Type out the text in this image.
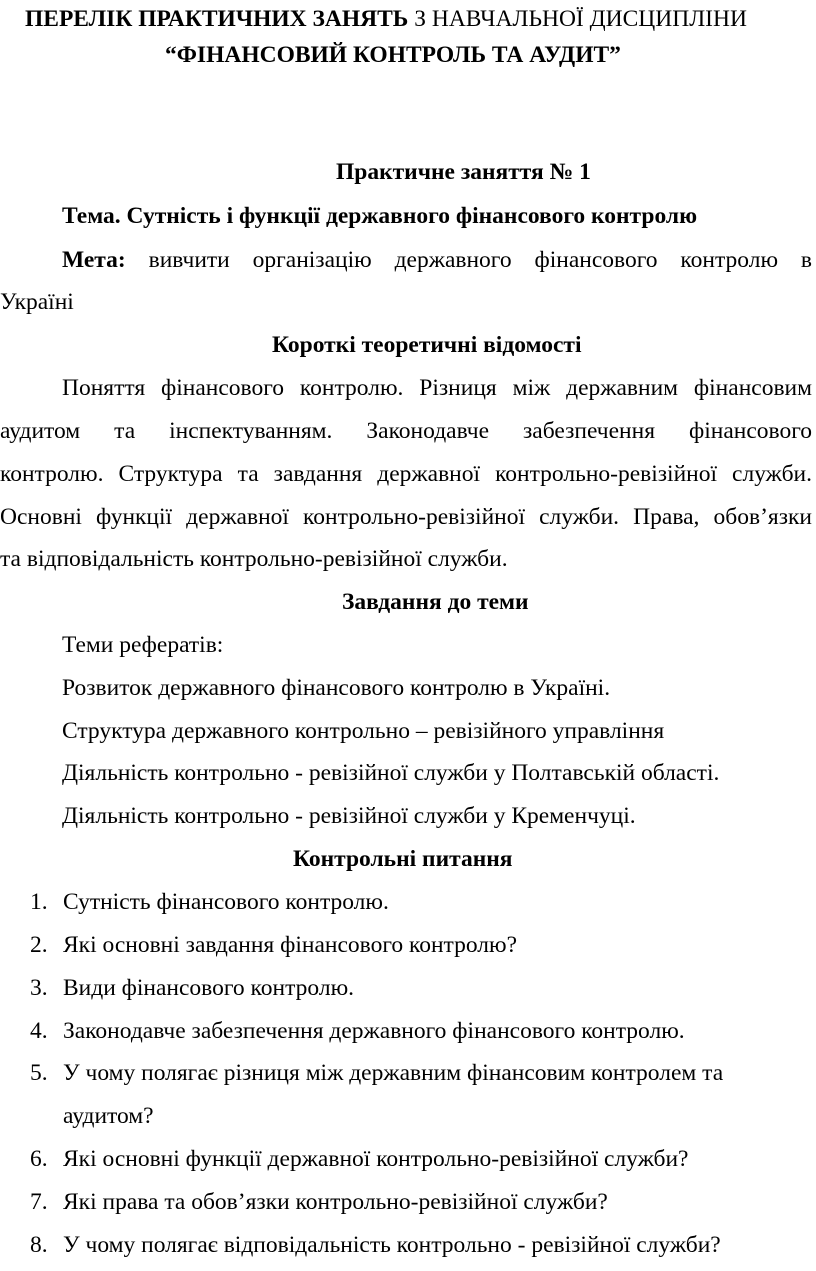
ПЕРЕЛІК ПРАКТИЧНИХ ЗАНЯТЬ З НАВЧАЛЬНОЇ ДИСЦИПЛІНИ
“ФІНАНСОВИЙ КОНТРОЛЬ ТА АУДИТ”
Практичне заняття № 1
Тема. Сутність і функції державного фінансового контролю
Мета: вивчити організацію державного фінансового контролю в
Україні
Короткі теоретичні відомості
Поняття фінансового контролю. Різниця між державним фінансовим
аудитом та інспектуванням. Законодавче забезпечення фінансового
контролю. Структура та завдання державної контрольно-ревізійної служби.
Основні функції державної контрольно-ревізійної служби. Права, обов’язки
та відповідальність контрольно-ревізійної служби.
Завдання до теми
Теми рефератів:
Розвиток державного фінансового контролю в Україні.
Структура державного контрольно – ревізійного управління
Діяльність контрольно - ревізійної служби у Полтавській області.
Діяльність контрольно - ревізійної служби у Кременчуці.
Контрольні питання
1. Сутність фінансового контролю.
2. Які основні завдання фінансового контролю?
3. Види фінансового контролю.
4. Законодавче забезпечення державного фінансового контролю.
5. У чому полягає різниця між державним фінансовим контролем та
аудитом?
6. Які основні функції державної контрольно-ревізійної служби?
7. Які права та обов’язки контрольно-ревізійної служби?
8. У чому полягає відповідальність контрольно - ревізійної служби?
